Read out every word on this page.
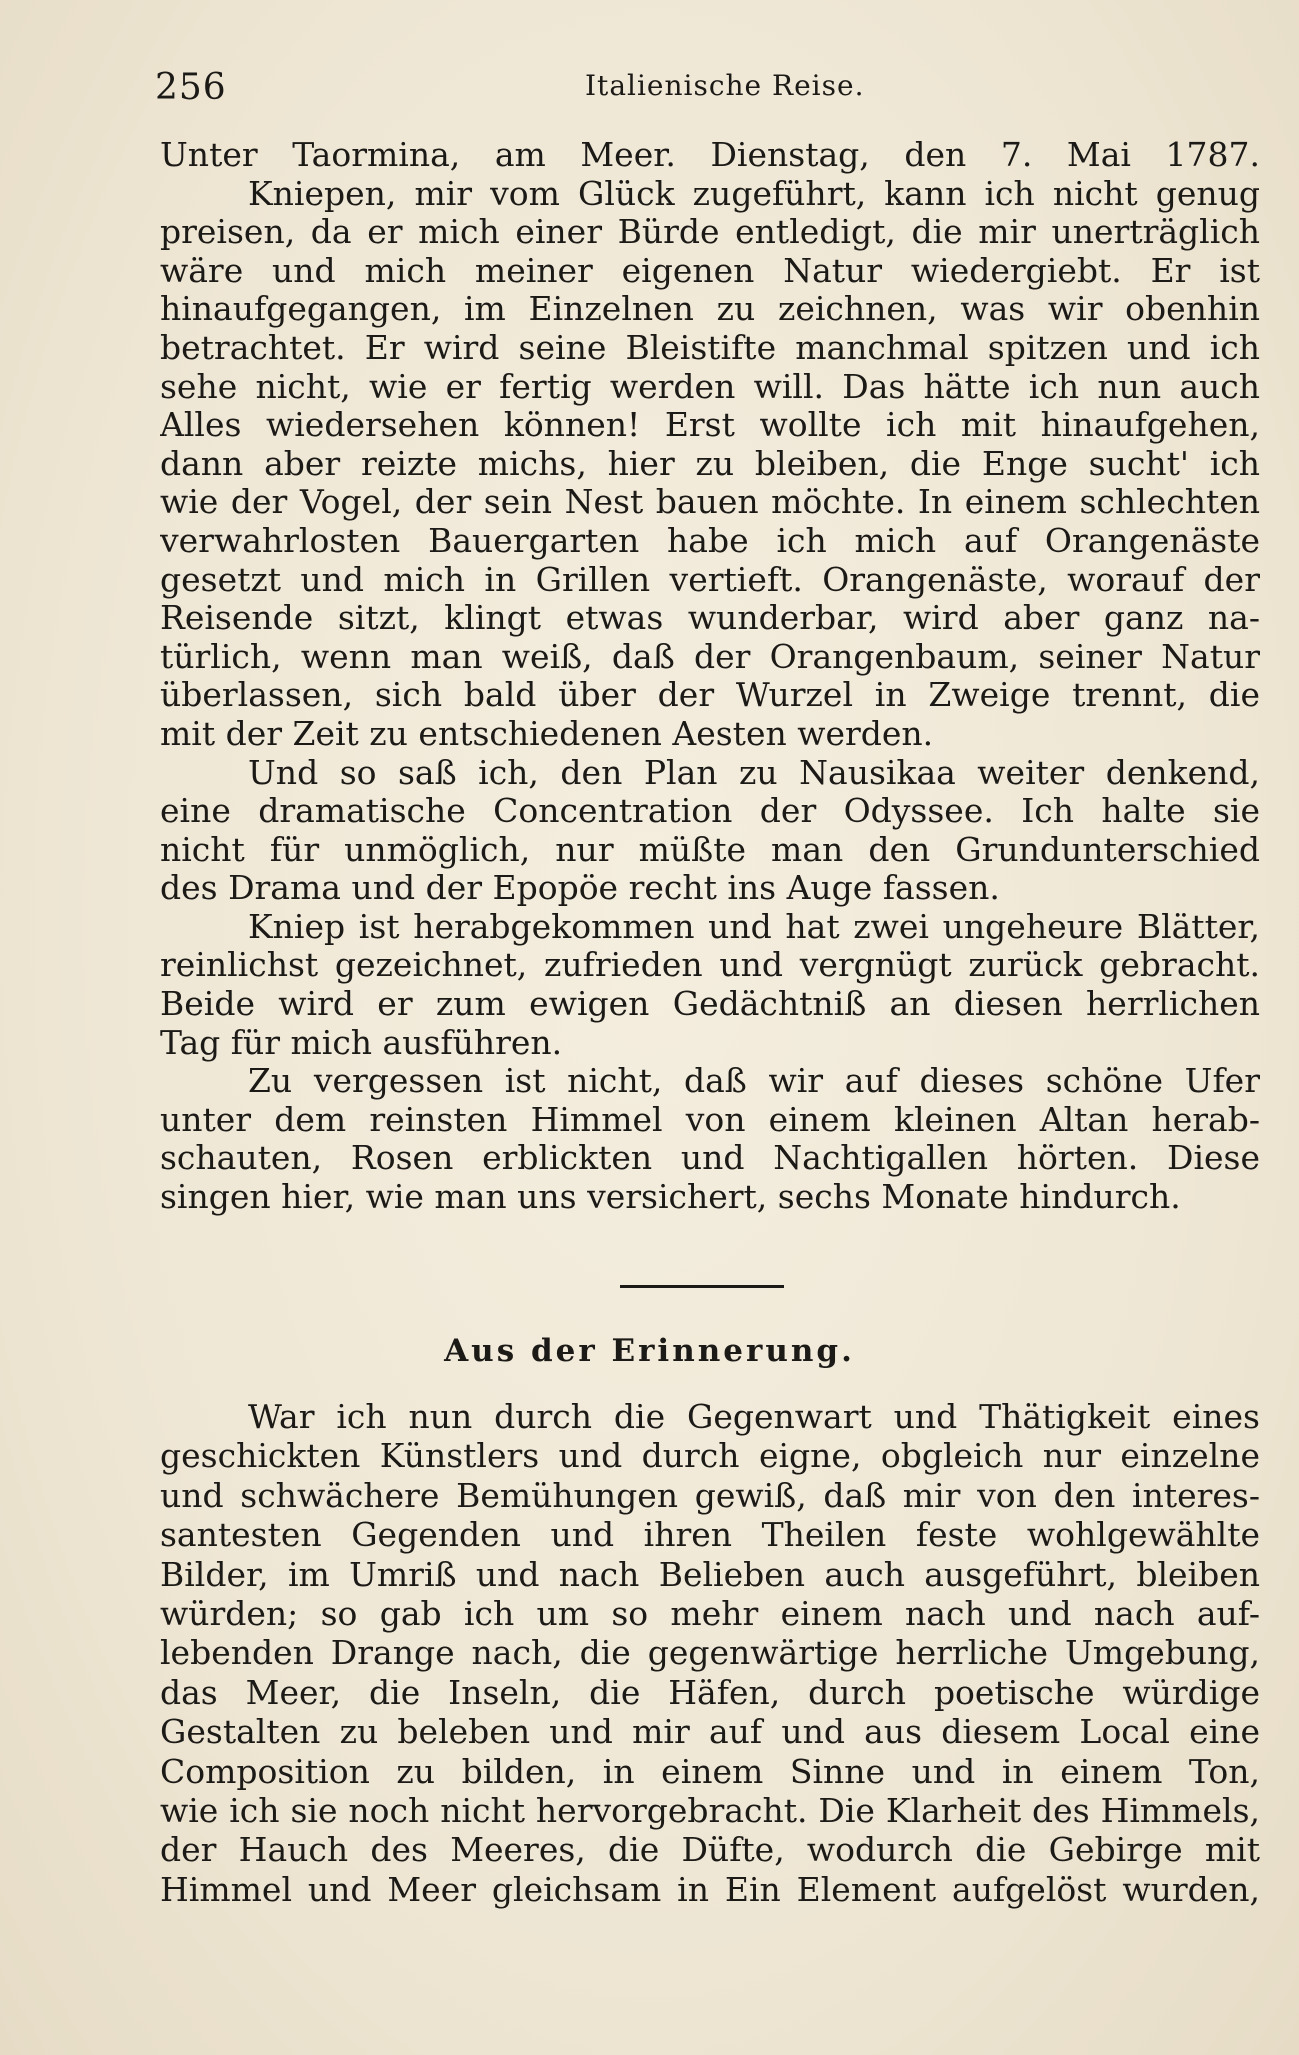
256	Italienische Reise.
Unter Taormina, am Meer. Dienstag, den 7. Mai 1787.
Kniepen, mir vom Glück zugeführt, kann ich nicht genug
preisen, da er mich einer Bürde entledigt, die mir unerträglich
wäre und mich meiner eigenen Natur wiedergiebt. Er ist
hinaufgegangen, im Einzelnen zu zeichnen, was wir obenhin
betrachtet. Er wird seine Bleistifte manchmal spitzen und ich
sehe nicht, wie er fertig werden will. Das hätte ich nun auch
Alles wiedersehen können! Erst wollte ich mit hinaufgehen,
dann aber reizte michs, hier zu bleiben, die Enge sucht' ich
wie der Vogel, der sein Nest bauen möchte. In einem schlechten
verwahrlosten Bauergarten habe ich mich auf Orangenäste
gesetzt und mich in Grillen vertieft. Orangenäste, worauf der
Reisende sitzt, klingt etwas wunderbar, wird aber ganz na-
türlich, wenn man weiß, daß der Orangenbaum, seiner Natur
überlassen, sich bald über der Wurzel in Zweige trennt, die
mit der Zeit zu entschiedenen Aesten werden.
Und so saß ich, den Plan zu Nausikaa weiter denkend,
eine dramatische Concentration der Odyssee. Ich halte sie
nicht für unmöglich, nur müßte man den Grundunterschied
des Drama und der Epopöe recht ins Auge fassen.
Kniep ist herabgekommen und hat zwei ungeheure Blätter,
reinlichst gezeichnet, zufrieden und vergnügt zurück gebracht.
Beide wird er zum ewigen Gedächtniß an diesen herrlichen
Tag für mich ausführen.
Zu vergessen ist nicht, daß wir auf dieses schöne Ufer
unter dem reinsten Himmel von einem kleinen Altan herab-
schauten, Rosen erblickten und Nachtigallen hörten. Diese
singen hier, wie man uns versichert, sechs Monate hindurch.
Aus der Erinnerung.
War ich nun durch die Gegenwart und Thätigkeit eines
geschickten Künstlers und durch eigne, obgleich nur einzelne
und schwächere Bemühungen gewiß, daß mir von den interes-
santesten Gegenden und ihren Theilen feste wohlgewählte
Bilder, im Umriß und nach Belieben auch ausgeführt, bleiben
würden; so gab ich um so mehr einem nach und nach auf-
lebenden Drange nach, die gegenwärtige herrliche Umgebung,
das Meer, die Inseln, die Häfen, durch poetische würdige
Gestalten zu beleben und mir auf und aus diesem Local eine
Composition zu bilden, in einem Sinne und in einem Ton,
wie ich sie noch nicht hervorgebracht. Die Klarheit des Himmels,
der Hauch des Meeres, die Düfte, wodurch die Gebirge mit
Himmel und Meer gleichsam in Ein Element aufgelöst wurden,
